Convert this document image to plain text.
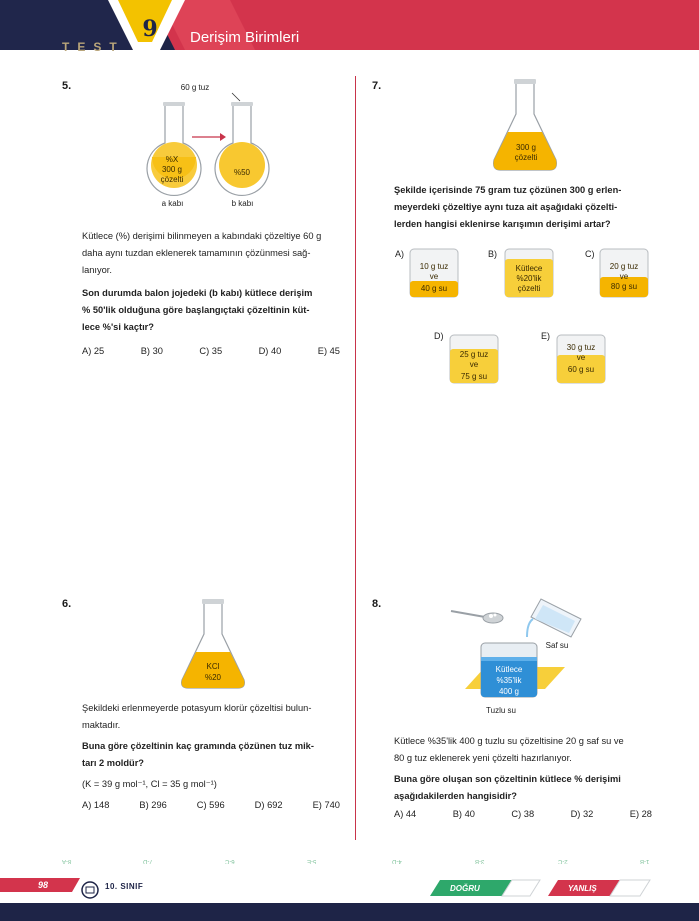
TEST
9 Derişim Birimleri
5.	60 g tuz
%X
300 g
çözelti
%50
a kabı	b kabı
Kütlece (%) derişimi bilinmeyen a kabındaki çözeltiye 60 g
daha aynı tuzdan eklenerek tamamının çözünmesi sağ-
lanıyor.
Son durumda balon jojedeki (b kabı) kütlece derişim
% 50'lik olduğuna göre başlangıçtaki çözeltinin küt-
lece %'si kaçtır?
A) 25	B) 30	C) 35	D) 40	E) 45
6.
KCl
%20
Şekildeki erlenmeyerde potasyum klorür çözeltisi bulun-
maktadır.
Buna göre çözeltinin kaç gramında çözünen tuz mik-
tarı 2 moldür?
(K = 39 g mol⁻¹, Cl = 35 g mol⁻¹)
A) 148	B) 296	C) 596	D) 692	E) 740
7.
300 g
çözelti
Şekilde içerisinde 75 gram tuz çözünen 300 g erlen-
meyerdeki çözeltiye aynı tuza ait aşağıdaki çözelti-
lerden hangisi eklenirse karışımın derişimi artar?
A)
10 g tuz
ve
40 g su
B)
Kütlece
%20'lik
çözelti
C)
20 g tuz
ve
80 g su
D)
25 g tuz
ve
75 g su
E)
30 g tuz
ve
60 g su
8.
Kütlece
%35'lik
400 g
Saf su
Tuzlu su
Kütlece %35'lik 400 g tuzlu su çözeltisine 20 g saf su ve
80 g tuz eklenerek yeni çözelti hazırlanıyor.
Buna göre oluşan son çözeltinin kütlece % derişimi
aşağıdakilerden hangisidir?
A) 44	B) 40	C) 38	D) 32	E) 28
8-A	7-D	6-C	5-E	4-D	3-B	2-C	1-B
98	10. SINIF	DOĞRU	YANLIŞ
